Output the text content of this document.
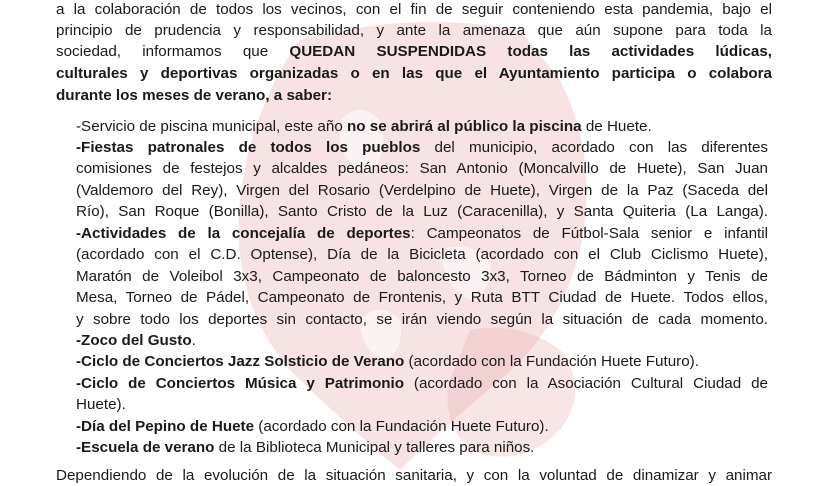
a la colaboración de todos los vecinos, con el fin de seguir conteniendo esta pandemia, bajo el
principio de prudencia y responsabilidad, y ante la amenaza que aún supone para toda la
sociedad, informamos que QUEDAN SUSPENDIDAS todas las actividades lúdicas,
culturales y deportivas organizadas o en las que el Ayuntamiento participa o colabora
durante los meses de verano, a saber:
-Servicio de piscina municipal, este año no se abrirá al público la piscina de Huete.
-Fiestas patronales de todos los pueblos del municipio, acordado con las diferentes
comisiones de festejos y alcaldes pedáneos: San Antonio (Moncalvillo de Huete), San Juan
(Valdemoro del Rey), Virgen del Rosario (Verdelpino de Huete), Virgen de la Paz (Saceda del
Río), San Roque (Bonilla), Santo Cristo de la Luz (Caracenilla), y Santa Quiteria (La Langa).
-Actividades de la concejalía de deportes: Campeonatos de Fútbol-Sala senior e infantil
(acordado con el C.D. Optense), Día de la Bicicleta (acordado con el Club Ciclismo Huete),
Maratón de Voleibol 3x3, Campeonato de baloncesto 3x3, Torneo de Bádminton y Tenis de
Mesa, Torneo de Pádel, Campeonato de Frontenis, y Ruta BTT Ciudad de Huete. Todos ellos,
y sobre todo los deportes sin contacto, se irán viendo según la situación de cada momento.
-Zoco del Gusto.
-Ciclo de Conciertos Jazz Solsticio de Verano (acordado con la Fundación Huete Futuro).
-Ciclo de Conciertos Música y Patrimonio (acordado con la Asociación Cultural Ciudad de
Huete).
-Día del Pepino de Huete (acordado con la Fundación Huete Futuro).
-Escuela de verano de la Biblioteca Municipal y talleres para niños.
Dependiendo de la evolución de la situación sanitaria, y con la voluntad de dinamizar y animar
